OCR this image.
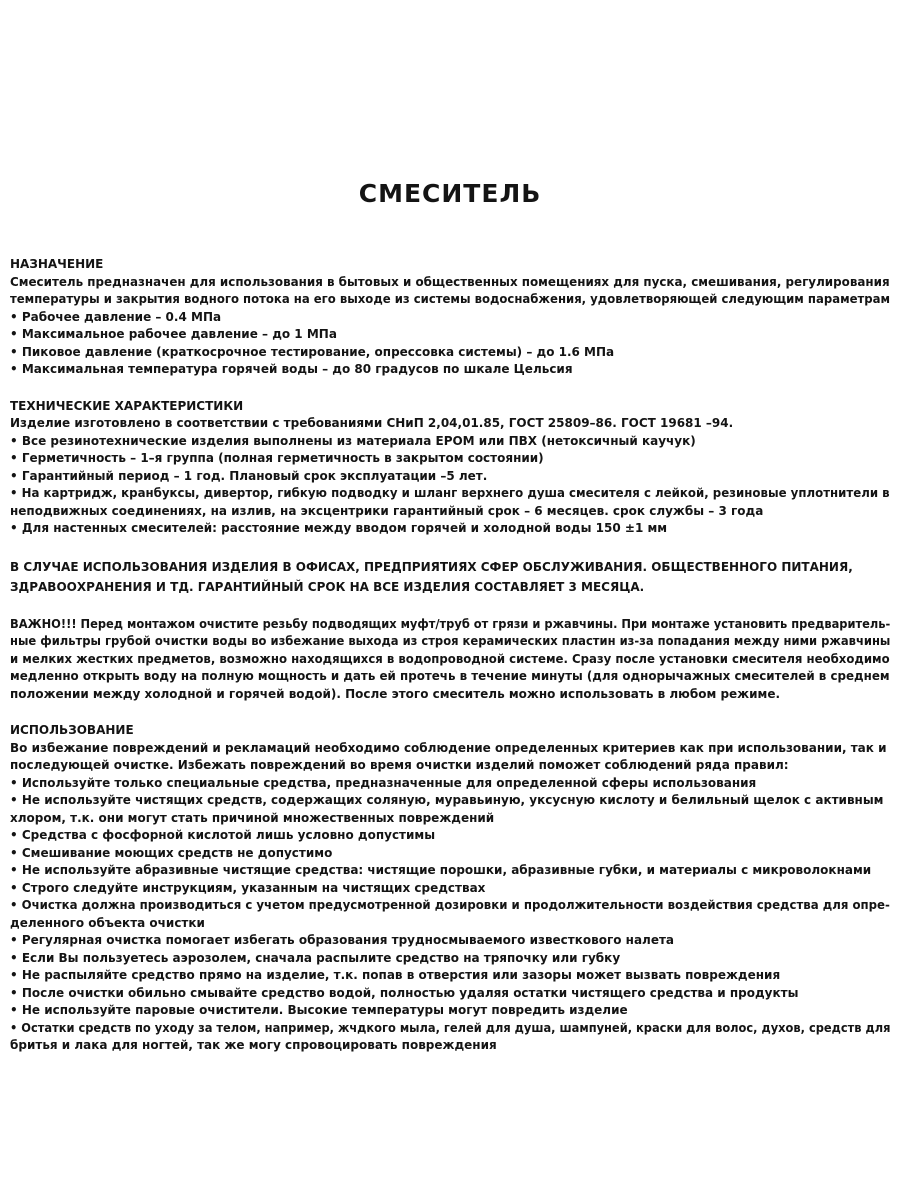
СМЕСИТЕЛЬ
НАЗНАЧЕНИЕ
Смеситель предназначен для использования в бытовых и общественных помещениях для пуска, смешивания, регулирования
температуры и закрытия водного потока на его выходе из системы водоснабжения, удовлетворяющей следующим параметрам
• Рабочее давление – 0.4 МПа
• Максимальное рабочее давление – до 1 МПа
• Пиковое давление (краткосрочное тестирование, опрессовка системы) – до 1.6 МПа
• Максимальная температура горячей воды – до 80 градусов по шкале Цельсия
ТЕХНИЧЕСКИЕ ХАРАКТЕРИСТИКИ
Изделие изготовлено в соответствии с требованиями СНиП 2,04,01.85, ГОСТ 25809–86. ГОСТ 19681 –94.
• Все резинотехнические изделия выполнены из материала EPOM или ПВХ (нетоксичный каучук)
• Герметичность – 1–я группа (полная герметичность в закрытом состоянии)
• Гарантийный период – 1 год. Плановый срок эксплуатации –5 лет.
• На картридж, кранбуксы, дивертор, гибкую подводку и шланг верхнего душа смесителя с лейкой, резиновые уплотнители в
неподвижных соединениях, на излив, на эксцентрики гарантийный срок – 6 месяцев. срок службы – 3 года
• Для настенных смесителей: расстояние между вводом горячей и холодной воды 150 ±1 мм
В СЛУЧАЕ ИСПОЛЬЗОВАНИЯ ИЗДЕЛИЯ В ОФИСАХ, ПРЕДПРИЯТИЯХ СФЕР ОБСЛУЖИВАНИЯ. ОБЩЕСТВЕННОГО ПИТАНИЯ,
ЗДРАВООХРАНЕНИЯ И ТД. ГАРАНТИЙНЫЙ СРОК НА ВСЕ ИЗДЕЛИЯ СОСТАВЛЯЕТ 3 МЕСЯЦА.
ВАЖНО!!! Перед монтажом очистите резьбу подводящих муфт/труб от грязи и ржавчины. При монтаже установить предваритель-
ные фильтры грубой очистки воды во избежание выхода из строя керамических пластин из-за попадания между ними ржавчины
и мелких жестких предметов, возможно находящихся в водопроводной системе. Сразу после установки смесителя необходимо
медленно открыть воду на полную мощность и дать ей протечь в течение минуты (для однорычажных смесителей в среднем
положении между холодной и горячей водой). После этого смеситель можно использовать в любом режиме.
ИСПОЛЬЗОВАНИЕ
Во избежание повреждений и рекламаций необходимо соблюдение определенных критериев как при использовании, так и
последующей очистке. Избежать повреждений во время очистки изделий поможет соблюдений ряда правил:
• Используйте только специальные средства, предназначенные для определенной сферы использования
• Не используйте чистящих средств, содержащих соляную, муравьиную, уксусную кислоту и белильный щелок с активным
хлором, т.к. они могут стать причиной множественных повреждений
• Средства с фосфорной кислотой лишь условно допустимы
• Смешивание моющих средств не допустимо
• Не используйте абразивные чистящие средства: чистящие порошки, абразивные губки, и материалы с микроволокнами
• Строго следуйте инструкциям, указанным на чистящих средствах
• Очистка должна производиться с учетом предусмотренной дозировки и продолжительности воздействия средства для опре-
деленного объекта очистки
• Регулярная очистка помогает избегать образования трудносмываемого известкового налета
• Если Вы пользуетесь аэрозолем, сначала распылите средство на тряпочку или губку
• Не распыляйте средство прямо на изделие, т.к. попав в отверстия или зазоры может вызвать повреждения
• После очистки обильно смывайте средство водой, полностью удаляя остатки чистящего средства и продукты
• Не используйте паровые очистители. Высокие температуры могут повредить изделие
• Остатки средств по уходу за телом, например, жчдкого мыла, гелей для душа, шампуней, краски для волос, духов, средств для
бритья и лака для ногтей, так же могу спровоцировать повреждения
